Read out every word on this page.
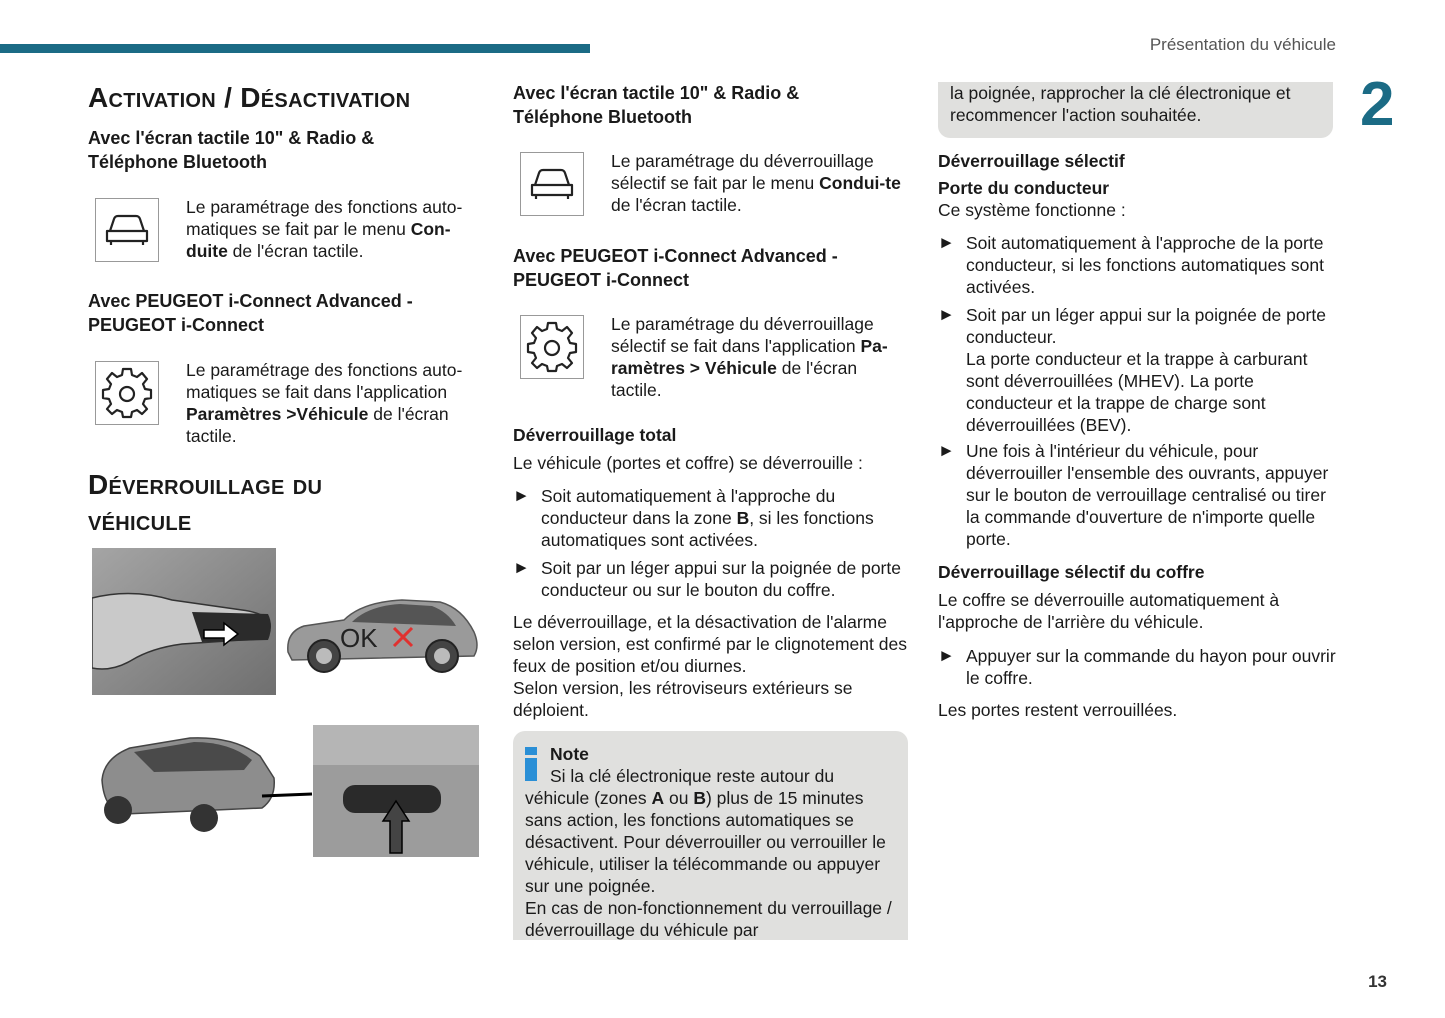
Présentation du véhicule
2
13
Activation / Désactivation
Avec l'écran tactile 10" & Radio & Téléphone Bluetooth

Le paramétrage des fonctions auto-matiques se fait par le menu Con-duite de l'écran tactile.

Avec PEUGEOT i-Connect Advanced - PEUGEOT i-Connect

Le paramétrage des fonctions auto-matiques se fait dans l'application Paramètres >Véhicule de l'écran tactile.

Déverrouillage du véhicule
OK
Avec l'écran tactile 10" & Radio & Téléphone Bluetooth

Le paramétrage du déverrouillage sélectif se fait par le menu Condui-te de l'écran tactile.

Avec PEUGEOT i-Connect Advanced - PEUGEOT i-Connect

Le paramétrage du déverrouillage sélectif se fait dans l'application Pa-ramètres > Véhicule de l'écran tactile.

Déverrouillage total

Le véhicule (portes et coffre) se déverrouille :

► Soit automatiquement à l'approche du conducteur dans la zone B, si les fonctions automatiques sont activées.

► Soit par un léger appui sur la poignée de porte conducteur ou sur le bouton du coffre.

Le déverrouillage, et la désactivation de l'alarme selon version, est confirmé par le clignotement des feux de position et/ou diurnes.

Selon version, les rétroviseurs extérieurs se déploient.

Note

Si la clé électronique reste autour du véhicule (zones A ou B) plus de 15 minutes sans action, les fonctions automatiques se désactivent. Pour déverrouiller ou verrouiller le véhicule, utiliser la télécommande ou appuyer sur une poignée.

En cas de non-fonctionnement du verrouillage / déverrouillage du véhicule par

la poignée, rapprocher la clé électronique et recommencer l'action souhaitée.

Déverrouillage sélectif
Porte du conducteur

Ce système fonctionne :

► Soit automatiquement à l'approche de la porte conducteur, si les fonctions automatiques sont activées.

► Soit par un léger appui sur la poignée de porte conducteur.

La porte conducteur et la trappe à carburant sont déverrouillées (MHEV). La porte conducteur et la trappe de charge sont déverrouillées (BEV).

► Une fois à l'intérieur du véhicule, pour déverrouiller l'ensemble des ouvrants, appuyer sur le bouton de verrouillage centralisé ou tirer la commande d'ouverture de n'importe quelle porte.

Déverrouillage sélectif du coffre

Le coffre se déverrouille automatiquement à l'approche de l'arrière du véhicule.

► Appuyer sur la commande du hayon pour ouvrir le coffre.

Les portes restent verrouillées.
